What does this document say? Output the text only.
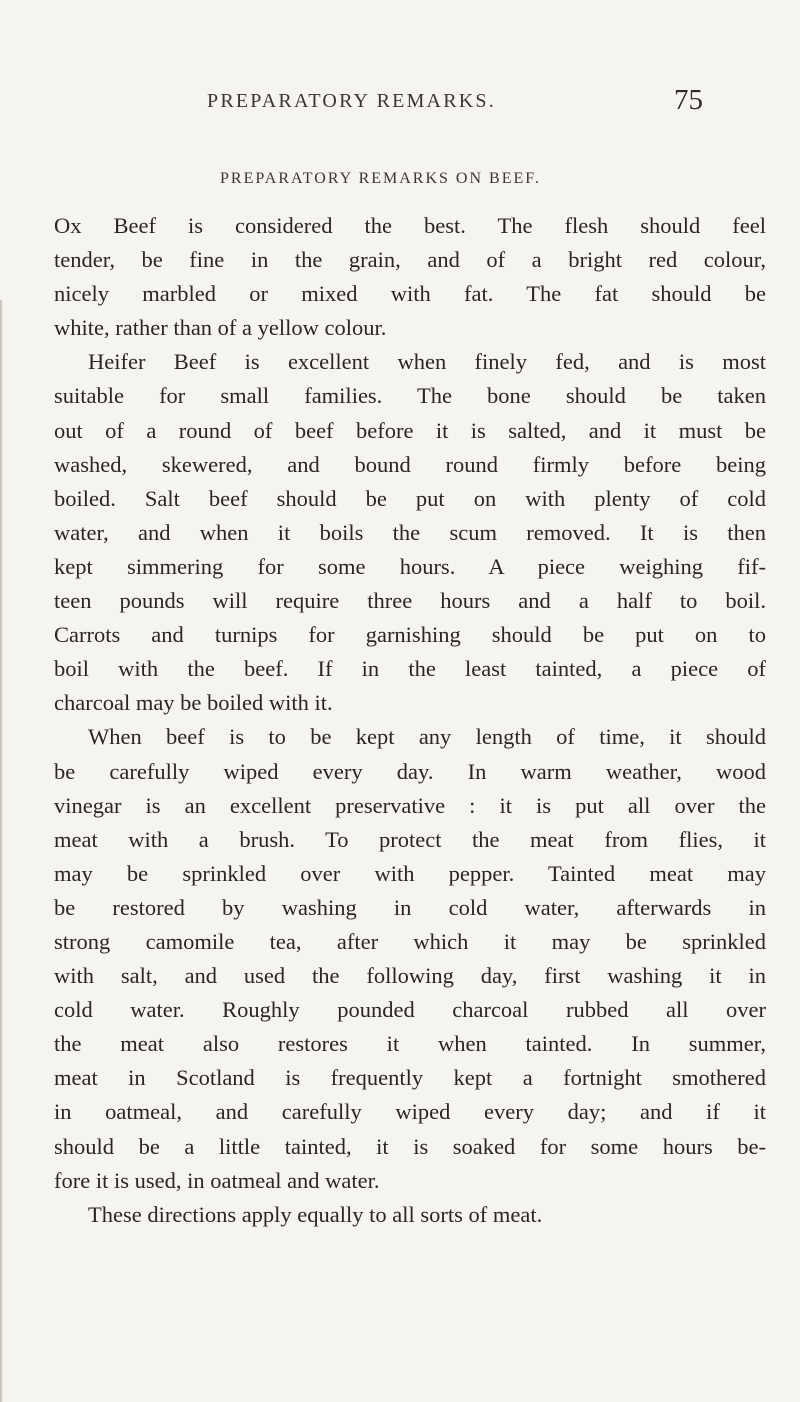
PREPARATORY REMARKS.	75
PREPARATORY REMARKS ON BEEF.
Ox Beef is considered the best. The flesh should feel
tender, be fine in the grain, and of a bright red colour,
nicely marbled or mixed with fat. The fat should be
white, rather than of a yellow colour.
Heifer Beef is excellent when finely fed, and is most
suitable for small families. The bone should be taken
out of a round of beef before it is salted, and it must be
washed, skewered, and bound round firmly before being
boiled. Salt beef should be put on with plenty of cold
water, and when it boils the scum removed. It is then
kept simmering for some hours. A piece weighing fif-
teen pounds will require three hours and a half to boil.
Carrots and turnips for garnishing should be put on to
boil with the beef. If in the least tainted, a piece of
charcoal may be boiled with it.
When beef is to be kept any length of time, it should
be carefully wiped every day. In warm weather, wood
vinegar is an excellent preservative : it is put all over the
meat with a brush. To protect the meat from flies, it
may be sprinkled over with pepper. Tainted meat may
be restored by washing in cold water, afterwards in
strong camomile tea, after which it may be sprinkled
with salt, and used the following day, first washing it in
cold water. Roughly pounded charcoal rubbed all over
the meat also restores it when tainted. In summer,
meat in Scotland is frequently kept a fortnight smothered
in oatmeal, and carefully wiped every day; and if it
should be a little tainted, it is soaked for some hours be-
fore it is used, in oatmeal and water.
These directions apply equally to all sorts of meat.
